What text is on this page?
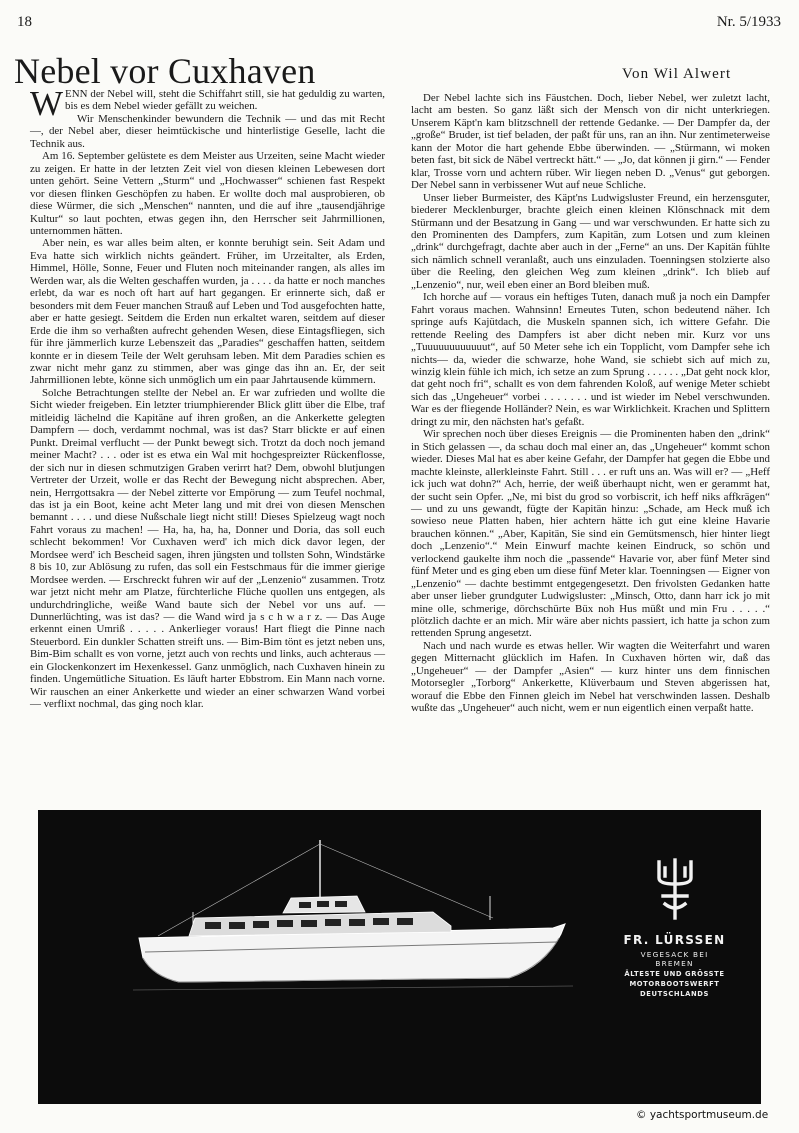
18	Nr. 5/1933
Nebel vor Cuxhaven	Von Wil Alwert

WENN der Nebel will, steht die Schiffahrt still, sie hat geduldig zu warten, bis es dem Nebel wieder gefällt zu weichen.

Wir Menschenkinder bewundern die Technik — und das mit Recht —, der Nebel aber, dieser heimtückische und hinterlistige Geselle, lacht die Technik aus.

Am 16. September gelüstete es dem Meister aus Urzeiten, seine Macht wieder zu zeigen. Er hatte in der letzten Zeit viel von diesen kleinen Lebewesen dort unten gehört. Seine Vettern „Sturm“ und „Hochwasser“ schienen fast Respekt vor diesen flinken Geschöpfen zu haben. Er wollte doch mal ausprobieren, ob diese Würmer, die sich „Menschen“ nannten, und die auf ihre „tausendjährige Kultur“ so laut pochten, etwas gegen ihn, den Herrscher seit Jahrmillionen, unternommen hätten.

Aber nein, es war alles beim alten, er konnte beruhigt sein. Seit Adam und Eva hatte sich wirklich nichts geändert. Früher, im Urzeitalter, als Erden, Himmel, Hölle, Sonne, Feuer und Fluten noch miteinander rangen, als alles im Werden war, als die Welten geschaffen wurden, ja . . . . da hatte er noch manches erlebt, da war es noch oft hart auf hart gegangen. Er erinnerte sich, daß er besonders mit dem Feuer manchen Strauß auf Leben und Tod ausgefochten hatte, aber er hatte gesiegt. Seitdem die Erden nun erkaltet waren, seitdem auf dieser Erde die ihm so verhaßten aufrecht gehenden Wesen, diese Eintagsfliegen, sich für ihre jämmerlich kurze Lebenszeit das „Paradies“ geschaffen hatten, seitdem konnte er in diesem Teile der Welt geruhsam leben. Mit dem Paradies schien es zwar nicht mehr ganz zu stimmen, aber was ginge das ihn an. Er, der seit Jahrmillionen lebte, könne sich unmöglich um ein paar Jahrtausende kümmern.

Solche Betrachtungen stellte der Nebel an. Er war zufrieden und wollte die Sicht wieder freigeben. Ein letzter triumphierender Blick glitt über die Elbe, traf mitleidig lächelnd die Kapitäne auf ihren großen, an die Ankerkette gelegten Dampfern — doch, verdammt nochmal, was ist das? Starr blickte er auf einen Punkt. Dreimal verflucht — der Punkt bewegt sich. Trotzt da doch noch jemand meiner Macht? . . . oder ist es etwa ein Wal mit hochgespreizter Rückenflosse, der sich nur in diesen schmutzigen Graben verirrt hat? Dem, obwohl blutjungen Vertreter der Urzeit, wolle er das Recht der Bewegung nicht absprechen. Aber, nein, Herrgottsakra — der Nebel zitterte vor Empörung — zum Teufel nochmal, das ist ja ein Boot, keine acht Meter lang und mit drei von diesen Menschen bemannt . . . . und diese Nußschale liegt nicht still! Dieses Spielzeug wagt noch Fahrt voraus zu machen! — Ha, ha, ha, ha, Donner und Doria, das soll euch schlecht bekommen! Vor Cuxhaven werd' ich mich dick davor legen, der Mordsee werd' ich Bescheid sagen, ihren jüngsten und tollsten Sohn, Windstärke 8 bis 10, zur Ablösung zu rufen, das soll ein Festschmaus für die immer gierige Mordsee werden. — Erschreckt fuhren wir auf der „Lenzenio“ zusammen. Trotz war jetzt nicht mehr am Platze, fürchterliche Flüche quollen uns entgegen, als undurchdringliche, weiße Wand baute sich der Nebel vor uns auf. — Dunnerlüchting, was ist das? — die Wand wird ja s c h w a r z. — Das Auge erkennt einen Umriß . . . . . Ankerlieger voraus! Hart fliegt die Pinne nach Steuerbord. Ein dunkler Schatten streift uns. — Bim-Bim tönt es jetzt neben uns, Bim-Bim schallt es von vorne, jetzt auch von rechts und links, auch achteraus — ein Glockenkonzert im Hexenkessel. Ganz unmöglich, nach Cuxhaven hinein zu finden. Ungemütliche Situation. Es läuft harter Ebbstrom. Ein Mann nach vorne. Wir rauschen an einer Ankerkette und wieder an einer schwarzen Wand vorbei — verflixt nochmal, das ging noch klar.

Der Nebel lachte sich ins Fäustchen. Doch, lieber Nebel, wer zuletzt lacht, lacht am besten. So ganz läßt sich der Mensch von dir nicht unterkriegen. Unserem Käpt'n kam blitzschnell der rettende Gedanke. — Der Dampfer da, der „große“ Bruder, ist tief beladen, der paßt für uns, ran an ihn. Nur zentimeterweise kann der Motor die hart gehende Ebbe überwinden. — „Stürmann, wi moken beten fast, bit sick de Näbel vertreckt hätt.“ — „Jo, dat können ji girn.“ — Fender klar, Trosse vorn und achtern rüber. Wir liegen neben D. „Venus“ gut geborgen. Der Nebel sann in verbissener Wut auf neue Schliche.

Unser lieber Burmeister, des Käpt'ns Ludwigsluster Freund, ein herzensguter, biederer Mecklenburger, brachte gleich einen kleinen Klönschnack mit dem Stürmann und der Besatzung in Gang — und war verschwunden. Er hatte sich zu den Prominenten des Dampfers, zum Kapitän, zum Lotsen und zum kleinen „drink“ durchgefragt, dachte aber auch in der „Ferne“ an uns. Der Kapitän fühlte sich nämlich schnell veranlaßt, auch uns einzuladen. Toenningsen stolzierte also über die Reeling, den gleichen Weg zum kleinen „drink“. Ich blieb auf „Lenzenio“, nur, weil eben einer an Bord bleiben muß.

Ich horche auf — voraus ein heftiges Tuten, danach muß ja noch ein Dampfer Fahrt voraus machen. Wahnsinn! Erneutes Tuten, schon bedeutend näher. Ich springe aufs Kajütdach, die Muskeln spannen sich, ich wittere Gefahr. Die rettende Reeling des Dampfers ist aber dicht neben mir. Kurz vor uns „Tuuuuuuuuuuuut“, auf 50 Meter sehe ich ein Topplicht, vom Dampfer sehe ich nichts— da, wieder die schwarze, hohe Wand, sie schiebt sich auf mich zu, winzig klein fühle ich mich, ich setze an zum Sprung . . . . . . „Dat geht nock klor, dat geht noch fri“, schallt es von dem fahrenden Koloß, auf wenige Meter schiebt sich das „Ungeheuer“ vorbei . . . . . . . und ist wieder im Nebel verschwunden. War es der fliegende Holländer? Nein, es war Wirklichkeit. Krachen und Splittern dringt zu mir, den nächsten hat's gefaßt.

Wir sprechen noch über dieses Ereignis — die Prominenten haben den „drink“ in Stich gelassen —, da schau doch mal einer an, das „Ungeheuer“ kommt schon wieder. Dieses Mal hat es aber keine Gefahr, der Dampfer hat gegen die Ebbe und machte kleinste, allerkleinste Fahrt. Still . . . er ruft uns an. Was will er? — „Heff ick juch wat dohn?“ Ach, herrie, der weiß überhaupt nicht, wen er gerammt hat, der sucht sein Opfer. „Ne, mi bist du grod so vorbiscrit, ich heff niks affkrägen“ — und zu uns gewandt, fügte der Kapitän hinzu: „Schade, am Heck muß ich sowieso neue Platten haben, hier achtern hätte ich gut eine kleine Havarie brauchen können.“ „Aber, Kapitän, Sie sind ein Gemütsmensch, hier hinter liegt doch „Lenzenio“.“ Mein Einwurf machte keinen Eindruck, so schön und verlockend gaukelte ihm noch die „passende“ Havarie vor, aber fünf Meter sind fünf Meter und es ging eben um diese fünf Meter klar. Toenningsen — Eigner von „Lenzenio“ — dachte bestimmt entgegengesetzt. Den frivolsten Gedanken hatte aber unser lieber grundguter Ludwigsluster: „Minsch, Otto, dann harr ick jo mit mine olle, schmerige, dörchschürte Büx noh Hus müßt und min Fru . . . . .“ plötzlich dachte er an mich. Mir wäre aber nichts passiert, ich hatte ja schon zum rettenden Sprung angesetzt.

Nach und nach wurde es etwas heller. Wir wagten die Weiterfahrt und waren gegen Mitternacht glücklich im Hafen. In Cuxhaven hörten wir, daß das „Ungeheuer“ — der Dampfer „Asien“ — kurz hinter uns dem finnischen Motorsegler „Torborg“ Ankerkette, Klüverbaum und Steven abgerissen hat, worauf die Ebbe den Finnen gleich im Nebel hat verschwinden lassen. Deshalb wußte das „Ungeheuer“ auch nicht, wem er nun eigentlich einen verpaßt hatte.

FR. LÜRSSEN
VEGESACK BEI BREMEN
ÄLTESTE UND GRÖSSTE
MOTORBOOTSWERFT
DEUTSCHLANDS
© yachtsportmuseum.de
